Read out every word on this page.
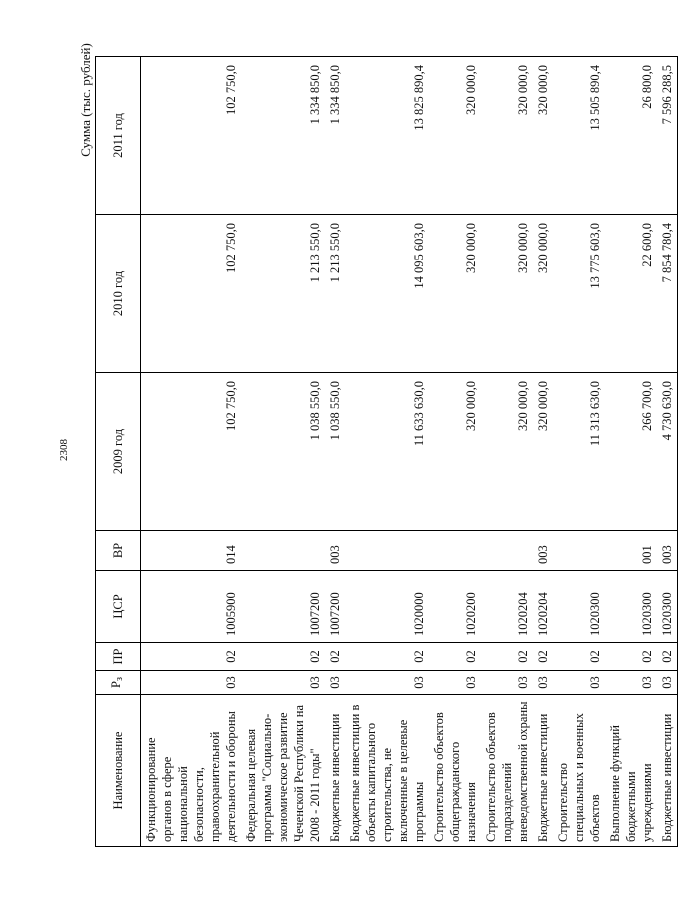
2308
Сумма (тыс. рублей)
Наименование	Рз	ПР	ЦСР	ВР	2009 год	2010 год	2011 год
Функционирование органов в сфере национальной безопасности, правоохранительной деятельности и обороны	03	02	1005900	014	102 750,0	102 750,0	102 750,0
Федеральная целевая программа "Социально-экономическое развитие Чеченской Республики на 2008 - 2011 годы"	03	02	1007200		1 038 550,0	1 213 550,0	1 334 850,0
Бюджетные инвестиции	03	02	1007200	003	1 038 550,0	1 213 550,0	1 334 850,0
Бюджетные инвестиции в объекты капитального строительства, не включенные в целевые программы	03	02	1020000		11 633 630,0	14 095 603,0	13 825 890,4
Строительство объектов общегражданского назначения	03	02	1020200		320 000,0	320 000,0	320 000,0
Строительство объектов подразделений вневедомственной охраны	03	02	1020204		320 000,0	320 000,0	320 000,0
Бюджетные инвестиции	03	02	1020204	003	320 000,0	320 000,0	320 000,0
Строительство специальных и военных объектов	03	02	1020300		11 313 630,0	13 775 603,0	13 505 890,4
Выполнение функций бюджетными учреждениями	03	02	1020300	001	266 700,0	22 600,0	26 800,0
Бюджетные инвестиции	03	02	1020300	003	4 730 630,0	7 854 780,4	7 596 288,5
